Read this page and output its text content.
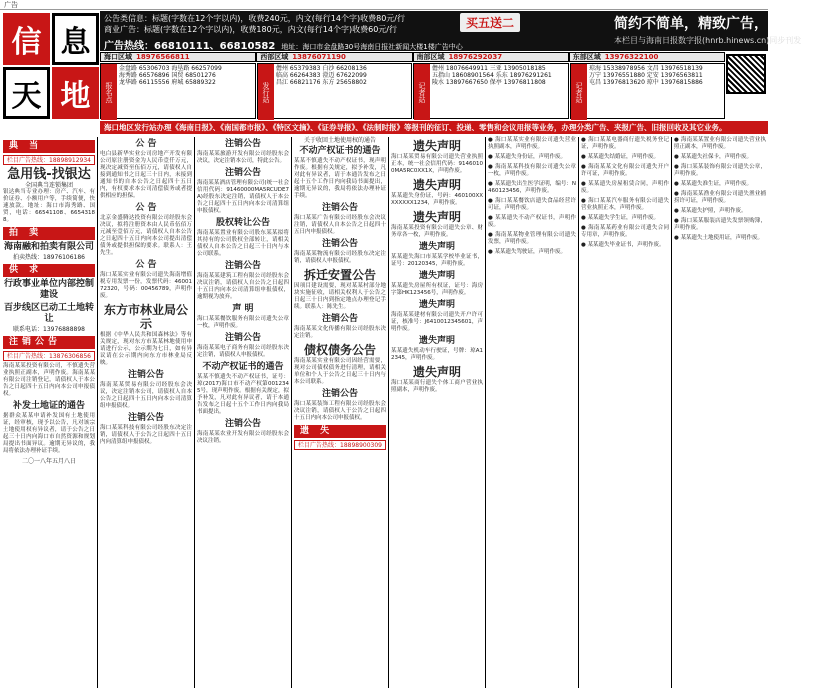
广告
信 息
天 地
公告类信息：标题(字数在12个字以内)，收费240元，内文(每行14个字)收费80元/行
商业广告：标题(字数在12个字以内)，收费180元，内文(每行14个字)收费60元/行
广告热线：66810111、66810582 地址：海口市金盘路30号海南日报社新闻大楼1楼广告中心
买五送二	简约不简单，精致广告，收益无限
本栏目与海南日报数字报(hnrb.hinews.cn)同步刊发
海口区域 18976566811	西部区域 13876071190	南部区域 18976292037	东部区域 13976322100
报名点
金盘路 65306703 海垦路 66257099
海秀路 66576896 国贸 68501276
龙华路 66115556 府城 65889322	发行站
儋州 65379383 白沙 66208136
临高 66264383 澄迈 67622099
昌江 66821176 东方 25658802	记者站
儋州 18076649911 三亚 13905018185
五指山 18608901564 乐东 18976291261
陵水 13897667650 保亭 13976811808	记者站
琼海 15338978956 文昌 13976518139
万宁 13976551880 定安 13976563811
屯昌 13976813620 琼中 13976815886
海口地区发行站办理《海南日报》、《南国都市报》、《特区文摘》、《证券导报》、《法制时报》等报刊的征订、投递、零售和会议用报等业务，办理分类广告、夹报广告、旧报回收及其它业务。
典 当
栏目广告热线：18898912934
急用钱-找银达
全国典当连锁集团
银达典当专业办理：房产、汽车、有价证券、小额用户等，手续简便，快速放款。地址：海口市海秀路、国贸，电话：66541108、66543188。
拍 卖
海南融和拍卖有限公司
拍卖热线：18976106186
供 求
行政事业单位内部控制建设
百步线区已动工土地转让
联系电话：13976888898
注销公告
栏目广告热线：13876306856
海南某某投资有限公司，不慎遗失营业执照正副本，声明作废。海南某某有限公司注销登记，请债权人于本公告之日起四十五日内向本公司申报债权。
补发土地证的通告
据群众某某申请补发国有土地使用证，经审核，现予以公告，凡对该宗土地使用权有异议者，请于公告之日起三十日内向海口市自然资源和规划局提出书面异议。逾期无异议的，我局将依法办理补证手续。
二〇一八年五月八日
公 告
电白县新华实业公司房地产开发有限公司原注册资金为人民币壹仟万元，现决定减资至伍佰万元，请债权人自接到通知书之日起三十日内，未接到通知书的自本公告之日起四十五日内，有权要求本公司清偿债务或者提供相应的担保。
公 告
北京金盛腾达投资有限公司经股东会决议，拟将注册资本由人民币伍佰万元减至壹佰万元，请债权人自本公告之日起四十五日内向本公司提出清偿债务或提供担保的要求。联系人：王先生。
公 告
海口某某实业有限公司遗失海南增值税专用发票一份，发票代码：4600172320，号码：00456789，声明作废。
东方市林业局公示
根据《中华人民共和国森林法》等有关规定，现对东方市某某林地使用申请进行公示，公示期为七日，如有异议请在公示期内向东方市林业局反映。
注销公告
海南某某贸易有限公司经股东会决议，决定注销本公司，请债权人自本公告之日起四十五日内向本公司清算组申报债权。
注销公告
海口某某科技有限公司经股东决定注销，请债权人于公告之日起四十五日内向清算组申报债权。
注销公告
海南某某旅游开发有限公司经股东会决议，决定注销本公司，特此公告。
注销公告
海南某某酒店管理有限公司(统一社会信用代码：91460000MA5RCUDE7A)经股东决定注销，请债权人于本公告之日起四十五日内向本公司清算组申报债权。
股权转让公告
海南某某置业有限公司股东某某拟将其持有的公司股权全部转让，请相关债权人自本公告之日起三十日内与本公司联系。
注销公告
海南某某建筑工程有限公司经股东会决议注销，请债权人自公告之日起四十五日内向本公司清算组申报债权，逾期视为放弃。
声 明
海口某某餐饮服务有限公司遗失公章一枚，声明作废。
注销公告
海南某某电子商务有限公司经股东决定注销，请债权人申报债权。
不动产权证书的通告
某某不慎遗失不动产权证书，证号：琼(2017)海口市不动产权第0012345号，现声明作废。根据有关规定，拟予补发，凡对此有异议者，请于本通告发布之日起十五个工作日内向我局书面提出。
注销公告
海南某某农业开发有限公司经股东会决议注销。
关于收回土地使用权的通告
不动产权证书的通告
某某不慎遗失不动产权证书，现声明作废。根据有关规定，拟予补发，凡对此有异议者，请于本通告发布之日起十五个工作日内向我局书面提出，逾期无异议的，我局将依法办理补证手续。
注销公告
海口某某广告有限公司经股东会决议注销，请债权人自本公告之日起四十五日内申报债权。
注销公告
海南某某物流有限公司经股东决定注销，请债权人申报债权。
拆迁安置公告
因项目建设需要，现对某某村部分地块实施征收，请相关权利人于公告之日起三十日内到指定地点办理登记手续。联系人：陈先生。
注销公告
海南某某文化传播有限公司经股东决定注销。
债权债务公告
海南某某实业有限公司因经营需要，现对公司债权债务进行清理，请相关单位和个人于公告之日起三十日内与本公司联系。
注销公告
海口某某装饰工程有限公司经股东会决议注销，请债权人于公告之日起四十五日内向本公司申报债权。
遗 失
栏目广告热线：18898900309
遗失声明
海口某某贸易有限公司遗失营业执照正本，统一社会信用代码：91460100MA5RC0XX1X，声明作废。
遗失声明
某某遗失身份证，号码：460100XXXXXXXX1234，声明作废。
遗失声明
海南某某投资有限公司遗失公章、财务章各一枚，声明作废。
遗失声明
某某遗失海口市某某学校毕业证书，证号：20120345，声明作废。
遗失声明
某某遗失房屋所有权证，证号：海房字第HK123456号，声明作废。
遗失声明
海南某某建材有限公司遗失开户许可证，核准号：J6410012345601，声明作废。
遗失声明
某某遗失机动车行驶证，号牌：琼A12345，声明作废。
遗失声明
海口某某商行遗失个体工商户营业执照副本，声明作废。
● 海口某某实业有限公司遗失营业执照副本，声明作废。
● 某某遗失身份证，声明作废。
● 海南某某科技有限公司遗失公章一枚，声明作废。
● 某某遗失出生医学证明，编号：N460123456，声明作废。
● 海口某某餐饮店遗失食品经营许可证，声明作废。
● 某某遗失不动产权证书，声明作废。
● 海南某某物业管理有限公司遗失发票，声明作废。
● 某某遗失驾驶证，声明作废。
● 海口某某电器商行遗失税务登记证，声明作废。
● 某某遗失结婚证，声明作废。
● 海南某某文化有限公司遗失开户许可证，声明作废。
● 某某遗失房屋租赁合同，声明作废。
● 海口某某汽车服务有限公司遗失营业执照正本，声明作废。
● 某某遗失学生证，声明作废。
● 海南某某药业有限公司遗失合同专用章，声明作废。
● 某某遗失毕业证书，声明作废。
● 海南某某置业有限公司遗失营业执照正副本，声明作废。
● 某某遗失社保卡，声明作废。
● 海口某某装饰有限公司遗失公章，声明作废。
● 某某遗失准生证，声明作废。
● 海南某某渔业有限公司遗失渔业捕捞许可证，声明作废。
● 某某遗失护照，声明作废。
● 海口某某服装店遗失发票领购簿，声明作废。
● 某某遗失土地使用证，声明作废。
